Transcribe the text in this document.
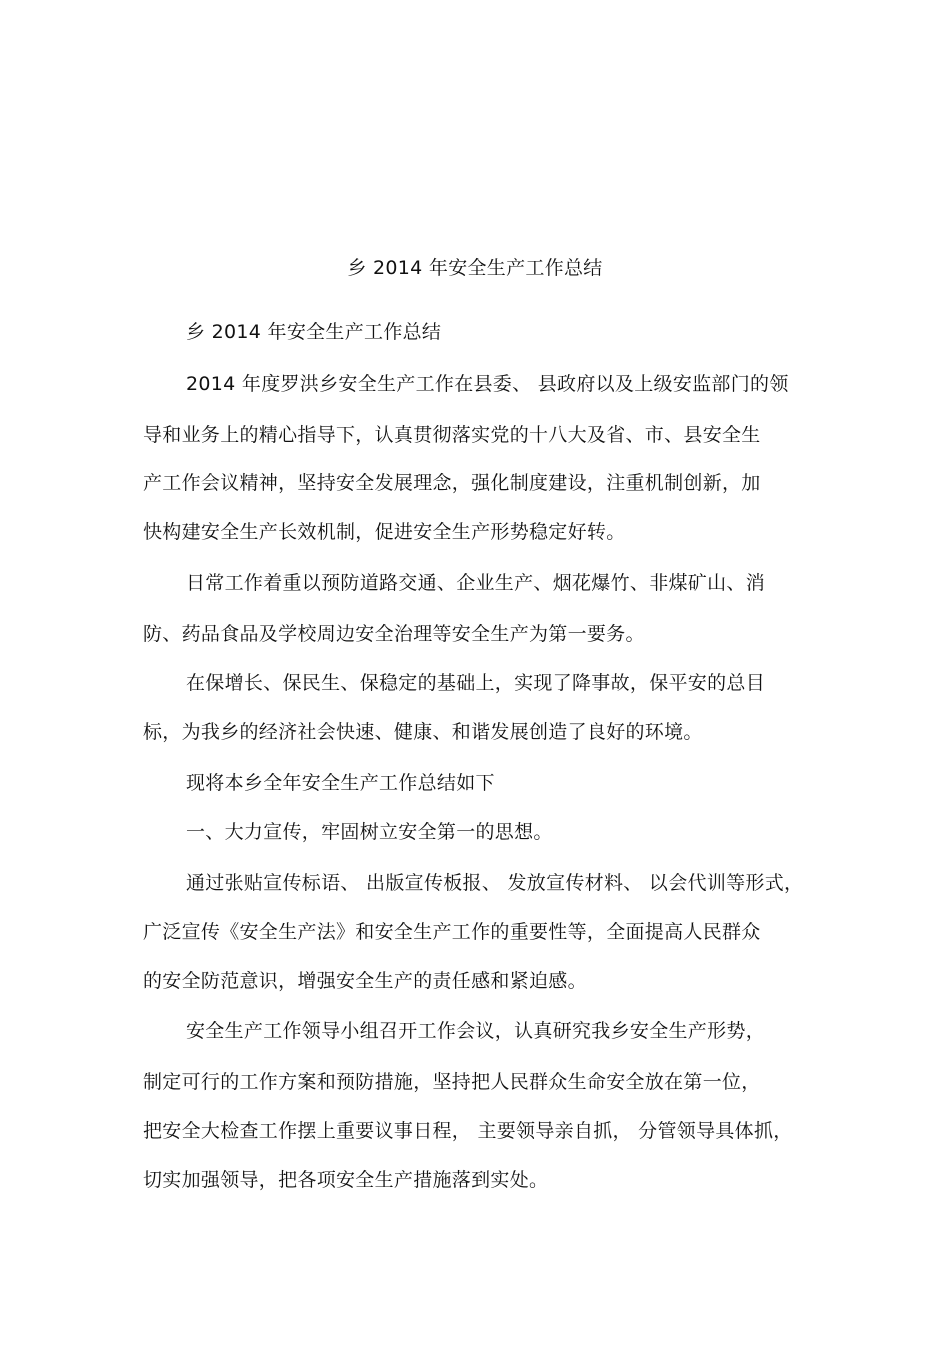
乡 2014 年安全生产工作总结
乡 2014 年安全生产工作总结
2014 年度罗洪乡安全生产工作在县委、 县政府以及上级安监部门的领
导和业务上的精心指导下，认真贯彻落实党的十八大及省、市、县安全生
产工作会议精神，坚持安全发展理念，强化制度建设，注重机制创新，加
快构建安全生产长效机制，促进安全生产形势稳定好转。
日常工作着重以预防道路交通、企业生产、烟花爆竹、非煤矿山、消
防、药品食品及学校周边安全治理等安全生产为第一要务。
在保增长、保民生、保稳定的基础上，实现了降事故，保平安的总目
标，为我乡的经济社会快速、健康、和谐发展创造了良好的环境。
现将本乡全年安全生产工作总结如下
一、大力宣传，牢固树立安全第一的思想。
通过张贴宣传标语、 出版宣传板报、 发放宣传材料、 以会代训等形式，
广泛宣传《安全生产法》和安全生产工作的重要性等，全面提高人民群众
的安全防范意识，增强安全生产的责任感和紧迫感。
安全生产工作领导小组召开工作会议，认真研究我乡安全生产形势，
制定可行的工作方案和预防措施，坚持把人民群众生命安全放在第一位，
把安全大检查工作摆上重要议事日程， 主要领导亲自抓， 分管领导具体抓，
切实加强领导，把各项安全生产措施落到实处。
